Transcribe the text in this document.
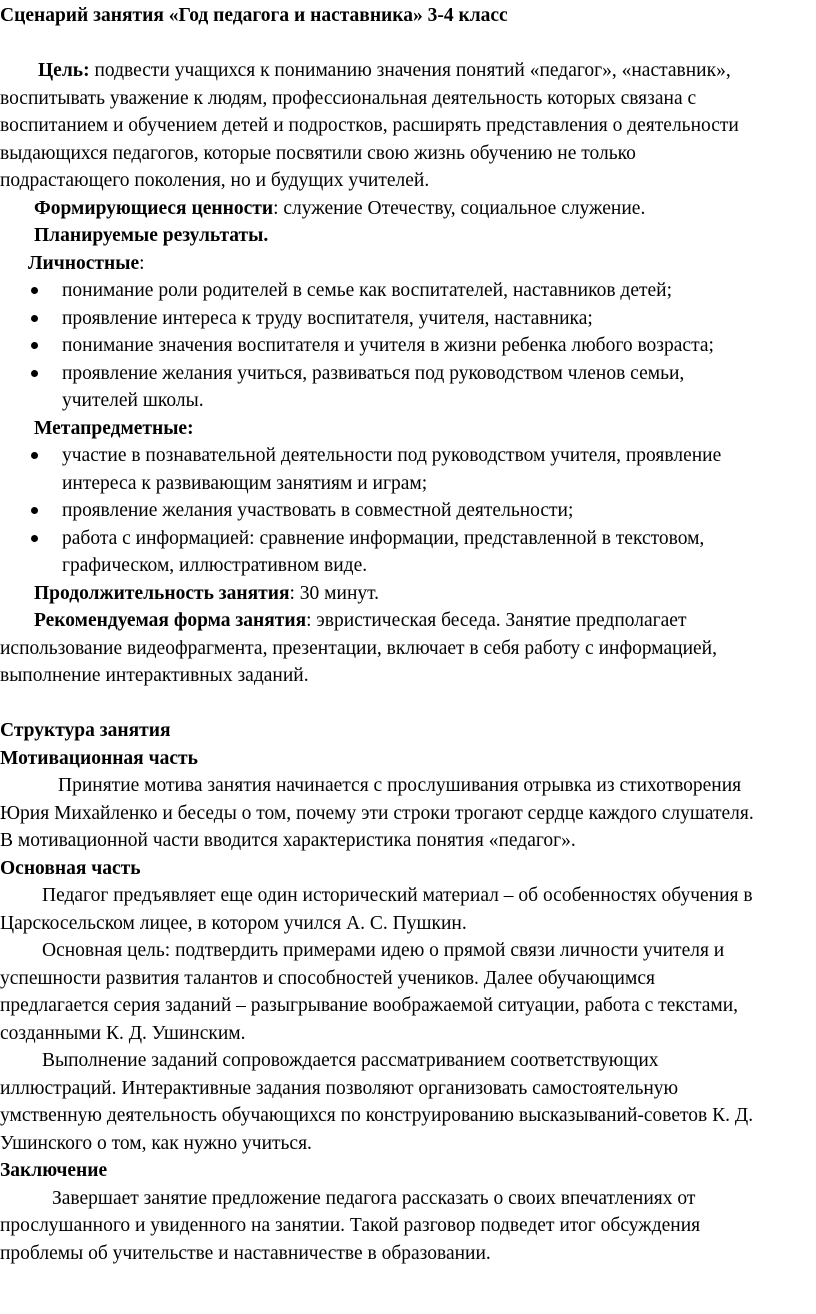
Сценарий занятия «Год педагога и наставника» 3-4 класс

Цель: подвести учащихся к пониманию значения понятий «педагог», «наставник»,
воспитывать уважение к людям, профессиональная деятельность которых связана с
воспитанием и обучением детей и подростков, расширять представления о деятельности
выдающихся педагогов, которые посвятили свою жизнь обучению не только
подрастающего поколения, но и будущих учителей.

Формирующиеся ценности: служение Отечеству, социальное служение.

Планируемые результаты.

Личностные:

понимание роли родителей в семье как воспитателей, наставников детей;
проявление интереса к труду воспитателя, учителя, наставника;
понимание значения воспитателя и учителя в жизни ребенка любого возраста;
проявление желания учиться, развиваться под руководством членов семьи,
учителей школы.

Метапредметные:

участие в познавательной деятельности под руководством учителя, проявление
интереса к развивающим занятиям и играм;
проявление желания участвовать в совместной деятельности;
работа с информацией: сравнение информации, представленной в текстовом,
графическом, иллюстративном виде.

Продолжительность занятия: 30 минут.

Рекомендуемая форма занятия: эвристическая беседа. Занятие предполагает
использование видеофрагмента, презентации, включает в себя работу с информацией,
выполнение интерактивных заданий.

Структура занятия

Мотивационная часть

Принятие мотива занятия начинается с прослушивания отрывка из стихотворения
Юрия Михайленко и беседы о том, почему эти строки трогают сердце каждого слушателя.
В мотивационной части вводится характеристика понятия «педагог».

Основная часть

Педагог предъявляет еще один исторический материал – об особенностях обучения в
Царскосельском лицее, в котором учился А. С. Пушкин.
Основная цель: подтвердить примерами идею о прямой связи личности учителя и
успешности развития талантов и способностей учеников. Далее обучающимся
предлагается серия заданий – разыгрывание воображаемой ситуации, работа с текстами,
созданными К. Д. Ушинским.
Выполнение заданий сопровождается рассматриванием соответствующих
иллюстраций. Интерактивные задания позволяют организовать самостоятельную
умственную деятельность обучающихся по конструированию высказываний-советов К. Д.
Ушинского о том, как нужно учиться.

Заключение

Завершает занятие предложение педагога рассказать о своих впечатлениях от
прослушанного и увиденного на занятии. Такой разговор подведет итог обсуждения
проблемы об учительстве и наставничестве в образовании.
